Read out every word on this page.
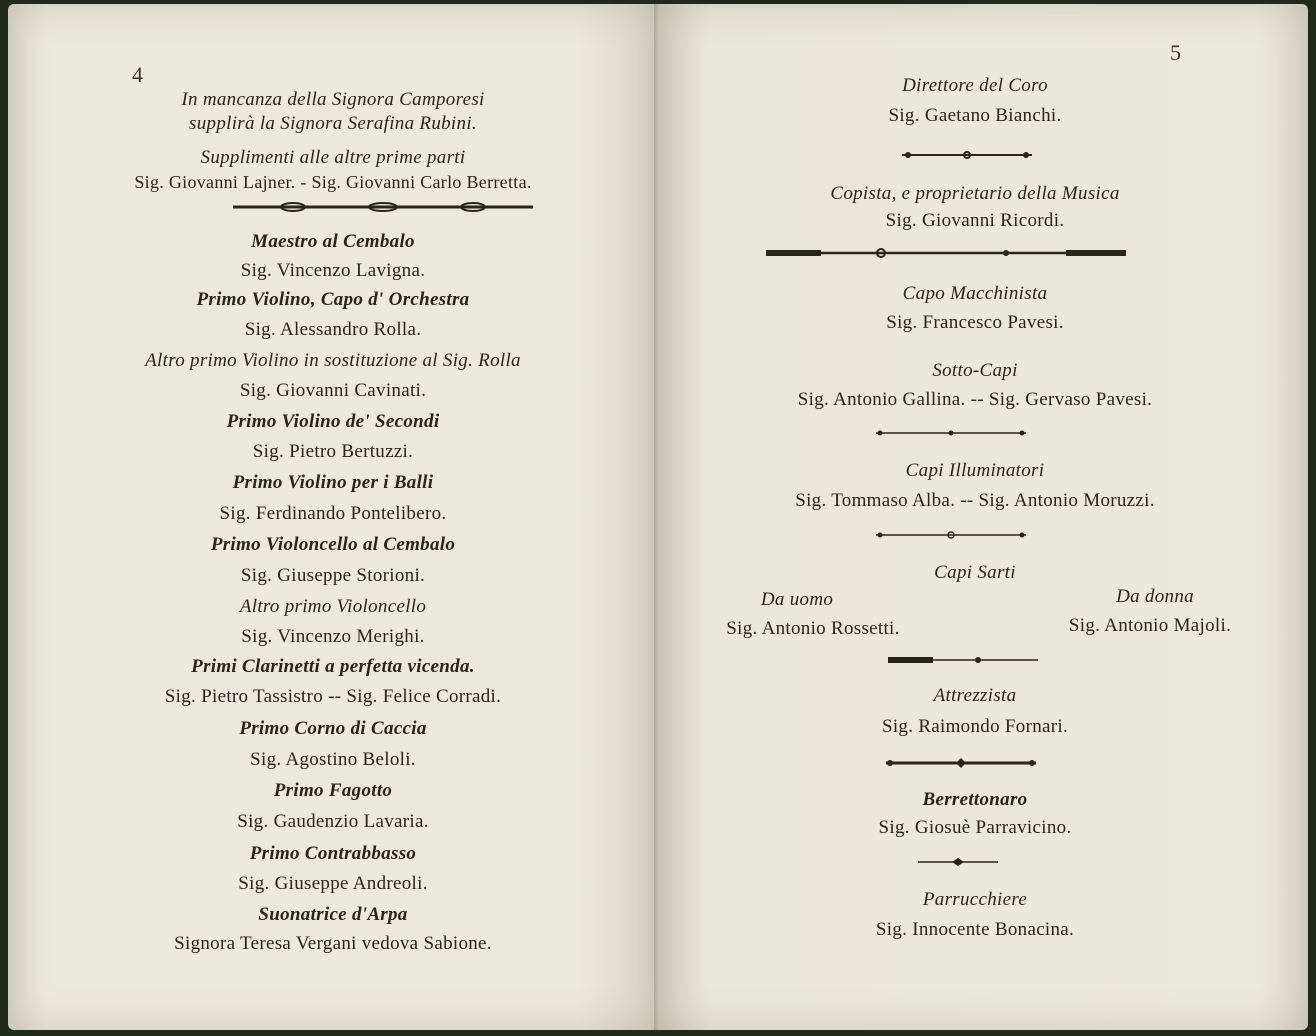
4
In mancanza della Signora Camporesi
supplirà la Signora Serafina Rubini.
Supplimenti alle altre prime parti
Sig. Giovanni Lajner. - Sig. Giovanni Carlo Berretta.
Maestro al Cembalo
Sig. Vincenzo Lavigna.
Primo Violino, Capo d' Orchestra
Sig. Alessandro Rolla.
Altro primo Violino in sostituzione al Sig. Rolla
Sig. Giovanni Cavinati.
Primo Violino de' Secondi
Sig. Pietro Bertuzzi.
Primo Violino per i Balli
Sig. Ferdinando Pontelibero.
Primo Violoncello al Cembalo
Sig. Giuseppe Storioni.
Altro primo Violoncello
Sig. Vincenzo Merighi.
Primi Clarinetti a perfetta vicenda.
Sig. Pietro Tassistro -- Sig. Felice Corradi.
Primo Corno di Caccia
Sig. Agostino Beloli.
Primo Fagotto
Sig. Gaudenzio Lavaria.
Primo Contrabbasso
Sig. Giuseppe Andreoli.
Suonatrice d'Arpa
Signora Teresa Vergani vedova Sabione.
5
Direttore del Coro
Sig. Gaetano Bianchi.
Copista, e proprietario della Musica
Sig. Giovanni Ricordi.
Capo Macchinista
Sig. Francesco Pavesi.
Sotto-Capi
Sig. Antonio Gallina. -- Sig. Gervaso Pavesi.
Capi Illuminatori
Sig. Tommaso Alba. -- Sig. Antonio Moruzzi.
Capi Sarti
Da uomo	Da donna
Sig. Antonio Rossetti.	Sig. Antonio Majoli.
Attrezzista
Sig. Raimondo Fornari.
Berrettonaro
Sig. Giosuè Parravicino.
Parrucchiere
Sig. Innocente Bonacina.
